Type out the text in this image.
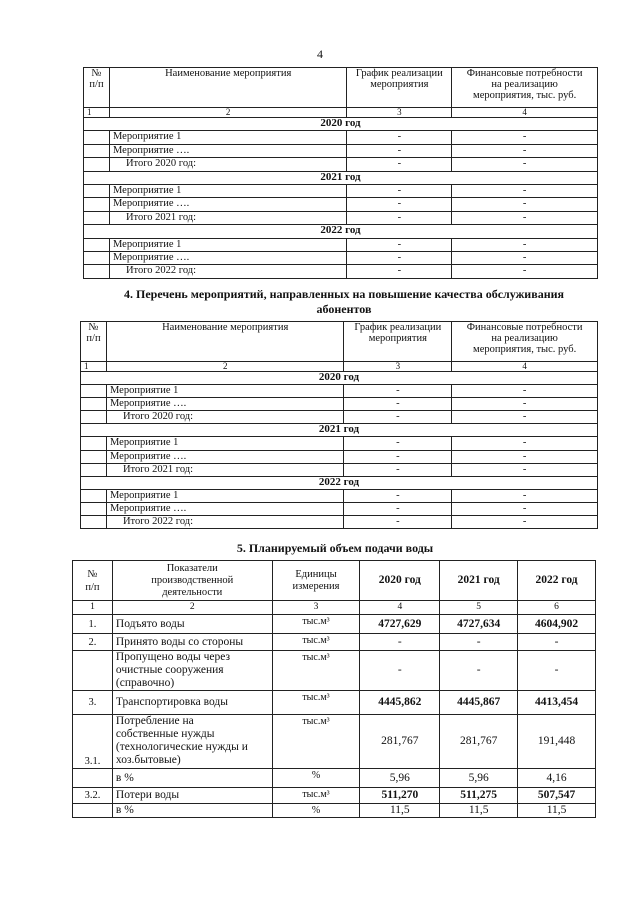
4
№
п/п	Наименование мероприятия	График реализации
мероприятия	Финансовые потребности
на реализацию
мероприятия, тыс. руб.
1	2	3	4
2020 год			
	Мероприятие 1	-	-
	Мероприятие ….	-	-
	Итого 2020 год:	-	-
2021 год			
	Мероприятие 1	-	-
	Мероприятие ….	-	-
	Итого 2021 год:	-	-
2022 год			
	Мероприятие 1	-	-
	Мероприятие ….	-	-
	Итого 2022 год:	-	-
4. Перечень мероприятий, направленных на повышение качества обслуживания
абонентов
№
п/п	Наименование мероприятия	График реализации
мероприятия	Финансовые потребности
на реализацию
мероприятия, тыс. руб.
1	2	3	4
2020 год			
	Мероприятие 1	-	-
	Мероприятие ….	-	-
	Итого 2020 год:	-	-
2021 год			
	Мероприятие 1	-	-
	Мероприятие ….	-	-
	Итого 2021 год:	-	-
2022 год			
	Мероприятие 1	-	-
	Мероприятие ….	-	-
	Итого 2022 год:	-	-
5. Планируемый объем подачи воды
№
п/п	Показатели
производственной
деятельности	Единицы
измерения	2020 год	2021 год	2022 год
1	2	3	4	5	6
1.	Подъято воды	тыс.м³	4727,629	4727,634	4604,902
2.	Принято воды со стороны	тыс.м³	-	-	-
	Пропущено воды через
очистные сооружения
(справочно)	тыс.м³	-	-	-
3.	Транспортировка воды	тыс.м³	4445,862	4445,867	4413,454
3.1.	Потребление на
собственные нужды
(технологические нужды и
хоз.бытовые)	тыс.м³	281,767	281,767	191,448
	в %	%	5,96	5,96	4,16
3.2.	Потери воды	тыс.м³	511,270	511,275	507,547
	в %	%	11,5	11,5	11,5
